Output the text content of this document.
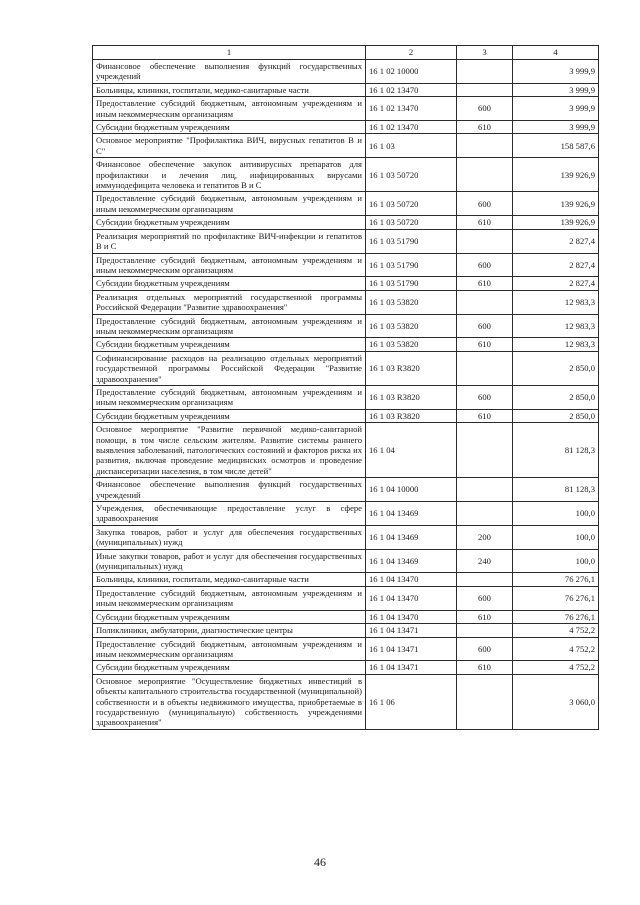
1	2	3	4
Финансовое обеспечение выполнения функций государственных учреждений	16 1 02 10000		3 999,9
Больницы, клиники, госпитали, медико-санитарные части	16 1 02 13470		3 999,9
Предоставление субсидий бюджетным, автономным учреждениям и иным некоммерческим организациям	16 1 02 13470	600	3 999,9
Субсидии бюджетным учреждениям	16 1 02 13470	610	3 999,9
Основное мероприятие "Профилактика ВИЧ, вирусных гепатитов В и С"	16 1 03		158 587,6
Финансовое обеспечение закупок антивирусных препаратов для профилактики и лечения лиц, инфицированных вирусами иммунодефицита человека и гепатитов В и С	16 1 03 50720		139 926,9
Предоставление субсидий бюджетным, автономным учреждениям и иным некоммерческим организациям	16 1 03 50720	600	139 926,9
Субсидии бюджетным учреждениям	16 1 03 50720	610	139 926,9
Реализация мероприятий по профилактике ВИЧ-инфекции и гепатитов В и С	16 1 03 51790		2 827,4
Предоставление субсидий бюджетным, автономным учреждениям и иным некоммерческим организациям	16 1 03 51790	600	2 827,4
Субсидии бюджетным учреждениям	16 1 03 51790	610	2 827,4
Реализация отдельных мероприятий государственной программы Российской Федерации "Развитие здравоохранения"	16 1 03 53820		12 983,3
Предоставление субсидий бюджетным, автономным учреждениям и иным некоммерческим организациям	16 1 03 53820	600	12 983,3
Субсидии бюджетным учреждениям	16 1 03 53820	610	12 983,3
Софинансирование расходов на реализацию отдельных мероприятий государственной программы Российской Федерации "Развитие здравоохранения"	16 1 03 R3820		2 850,0
Предоставление субсидий бюджетным, автономным учреждениям и иным некоммерческим организациям	16 1 03 R3820	600	2 850,0
Субсидии бюджетным учреждениям	16 1 03 R3820	610	2 850,0
Основное мероприятие "Развитие первичной медико-санитарной помощи, в том числе сельским жителям. Развитие системы раннего выявления заболеваний, патологических состояний и факторов риска их развития, включая проведение медицинских осмотров и проведение диспансеризации населения, в том числе детей"	16 1 04		81 128,3
Финансовое обеспечение выполнения функций государственных учреждений	16 1 04 10000		81 128,3
Учреждения, обеспечивающие предоставление услуг в сфере здравоохранения	16 1 04 13469		100,0
Закупка товаров, работ и услуг для обеспечения государственных (муниципальных) нужд	16 1 04 13469	200	100,0
Иные закупки товаров, работ и услуг для обеспечения государственных (муниципальных) нужд	16 1 04 13469	240	100,0
Больницы, клиники, госпитали, медико-санитарные части	16 1 04 13470		76 276,1
Предоставление субсидий бюджетным, автономным учреждениям и иным некоммерческим организациям	16 1 04 13470	600	76 276,1
Субсидии бюджетным учреждениям	16 1 04 13470	610	76 276,1
Поликлиники, амбулатории, диагностические центры	16 1 04 13471		4 752,2
Предоставление субсидий бюджетным, автономным учреждениям и иным некоммерческим организациям	16 1 04 13471	600	4 752,2
Субсидии бюджетным учреждениям	16 1 04 13471	610	4 752,2
Основное мероприятие "Осуществление бюджетных инвестиций в объекты капитального строительства государственной (муниципальной) собственности и в объекты недвижимого имущества, приобретаемые в государственную (муниципальную) собственность учреждениями здравоохранения"	16 1 06		3 060,0
46
